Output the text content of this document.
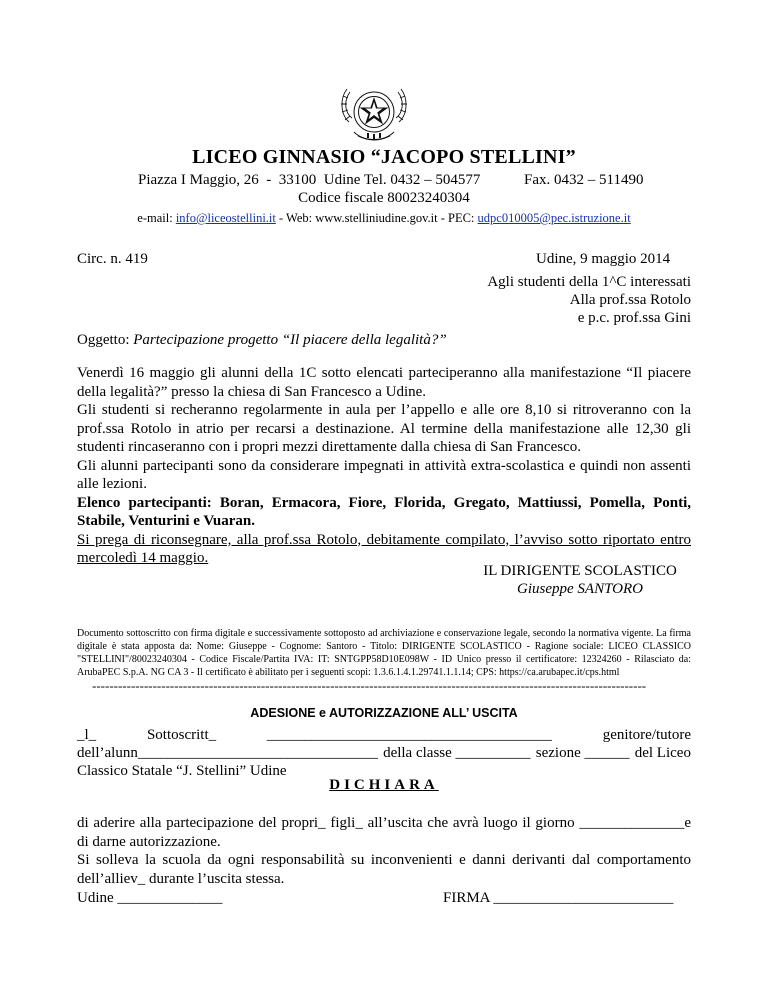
LICEO GINNASIO “JACOPO STELLINI”
Piazza I Maggio, 26  -  33100  Udine Tel. 0432 – 504577	Fax. 0432 – 511490
Codice fiscale 80023240304
e-mail: info@liceostellini.it - Web: www.stelliniudine.gov.it - PEC: udpc010005@pec.istruzione.it
Circ. n. 419	Udine, 9 maggio 2014
Agli studenti della 1^C interessati
Alla prof.ssa Rotolo
e p.c. prof.ssa Gini
Oggetto: Partecipazione progetto “Il piacere della legalità?”

Venerdì 16 maggio gli alunni della 1C sotto elencati parteciperanno alla manifestazione “Il piacere della legalità?” presso la chiesa di San Francesco a Udine.

Gli studenti si recheranno regolarmente in aula per l’appello e alle ore 8,10 si ritroveranno con la prof.ssa Rotolo in atrio per recarsi a destinazione. Al termine della manifestazione alle 12,30 gli studenti rincaseranno con i propri mezzi direttamente dalla chiesa di San Francesco.

Gli alunni partecipanti sono da considerare impegnati in attività extra-scolastica e quindi non assenti alle lezioni.

Elenco partecipanti: Boran, Ermacora, Fiore, Florida, Gregato, Mattiussi, Pomella, Ponti, Stabile, Venturini e Vuaran.

Si prega di riconsegnare, alla prof.ssa Rotolo, debitamente compilato, l’avviso sotto riportato entro mercoledì 14 maggio.

IL DIRIGENTE SCOLASTICO
Giuseppe SANTORO
Documento sottoscritto con firma digitale e successivamente sottoposto ad archiviazione e conservazione legale, secondo la normativa vigente. La firma digitale è stata apposta da: Nome: Giuseppe - Cognome: Santoro - Titolo: DIRIGENTE SCOLASTICO - Ragione sociale: LICEO CLASSICO "STELLINI"/80023240304 - Codice Fiscale/Partita IVA: IT: SNTGPP58D10E098W - ID Unico presso il certificatore: 12324260 - Rilasciato da: ArubaPEC S.p.A. NG CA 3 - Il certificato è abilitato per i seguenti scopi: 1.3.6.1.4.1.29741.1.1.14; CPS: https://ca.arubapec.it/cps.html
--------------------------------------------------------------------------------------------------------------------------------
ADESIONE e AUTORIZZAZIONE ALL’ USCITA
_l_	Sottoscritt_	______________________________________	genitore/tutore
dell’alunn________________________________ della classe __________ sezione ______ del Liceo
Classico Statale “J. Stellini” Udine
DICHIARA

di aderire alla partecipazione del propri_ figli_ all’uscita che avrà luogo il giorno ______________e di darne autorizzazione.

Si solleva la scuola da ogni responsabilità su inconvenienti e danni derivanti dal comportamento dell’alliev_ durante l’uscita stessa.

Udine ______________	FIRMA ________________________
